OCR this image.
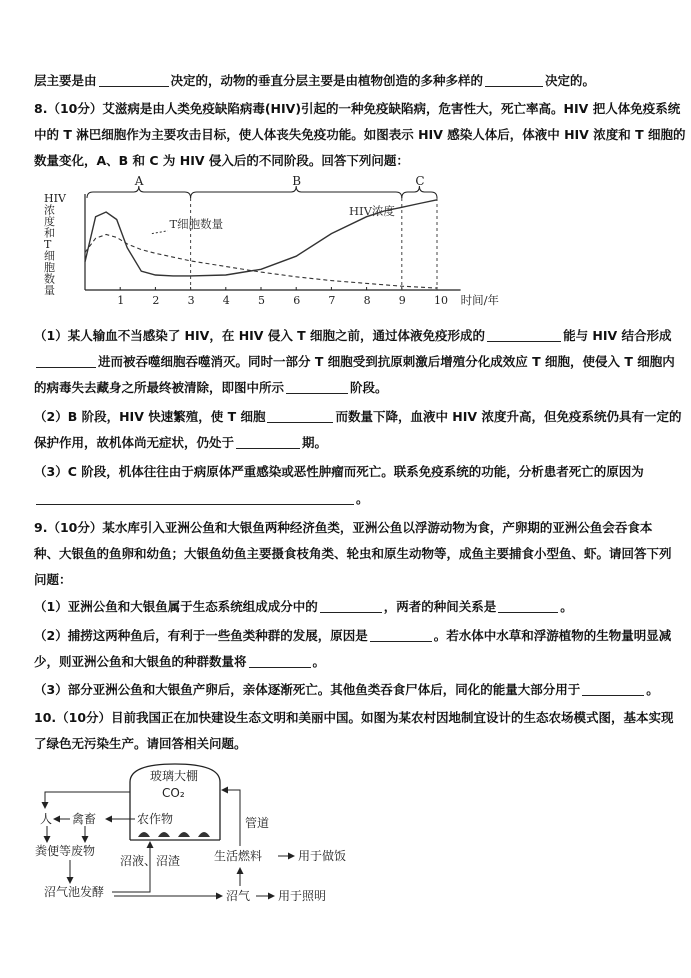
层主要是由	决定的，动物的垂直分层主要是由植物创造的多种多样的	决定的。
8.（10分）艾滋病是由人类免疫缺陷病毒(HIV)引起的一种免疫缺陷病，危害性大，死亡率高。HIV 把人体免疫系统
中的 T 淋巴细胞作为主要攻击目标，使人体丧失免疫功能。如图表示 HIV 感染人体后，体液中 HIV 浓度和 T 细胞的
数量变化，A、B 和 C 为 HIV 侵入后的不同阶段。回答下列问题：
HIV
浓
度
和
T
细
胞
数
量
1	2	3	4	5	6	7	8	9	10 时间/年
A	B	C
T细胞数量
HIV浓度
（1）某人输血不当感染了 HIV，在 HIV 侵入 T 细胞之前，通过体液免疫形成的	能与 HIV 结合形成
进而被吞噬细胞吞噬消灭。同时一部分 T 细胞受到抗原刺激后增殖分化成效应 T 细胞，使侵入 T 细胞内
的病毒失去藏身之所最终被清除，即图中所示	阶段。
（2）B 阶段，HIV 快速繁殖，使 T 细胞	而数量下降，血液中 HIV 浓度升高，但免疫系统仍具有一定的
保护作用，故机体尚无症状，仍处于	期。
（3）C 阶段，机体往往由于病原体严重感染或恶性肿瘤而死亡。联系免疫系统的功能，分析患者死亡的原因为
。
9.（10分）某水库引入亚洲公鱼和大银鱼两种经济鱼类，亚洲公鱼以浮游动物为食，产卵期的亚洲公鱼会吞食本
种、大银鱼的鱼卵和幼鱼；大银鱼幼鱼主要摄食枝角类、轮虫和原生动物等，成鱼主要捕食小型鱼、虾。请回答下列
问题：
（1）亚洲公鱼和大银鱼属于生态系统组成成分中的	，两者的种间关系是	。
（2）捕捞这两种鱼后，有利于一些鱼类种群的发展，原因是	。若水体中水草和浮游植物的生物量明显减
少，则亚洲公鱼和大银鱼的种群数量将	。
（3）部分亚洲公鱼和大银鱼产卵后，亲体逐渐死亡。其他鱼类吞食尸体后，同化的能量大部分用于	。
10.（10分）目前我国正在加快建设生态文明和美丽中国。如图为某农村因地制宜设计的生态农场模式图，基本实现
了绿色无污染生产。请回答相关问题。
玻璃大棚
CO₂
农作物
人 禽畜
粪便等废物
沼气池发酵
沼液、沼渣
沼气 用于照明
生活燃料	用于做饭
管道
